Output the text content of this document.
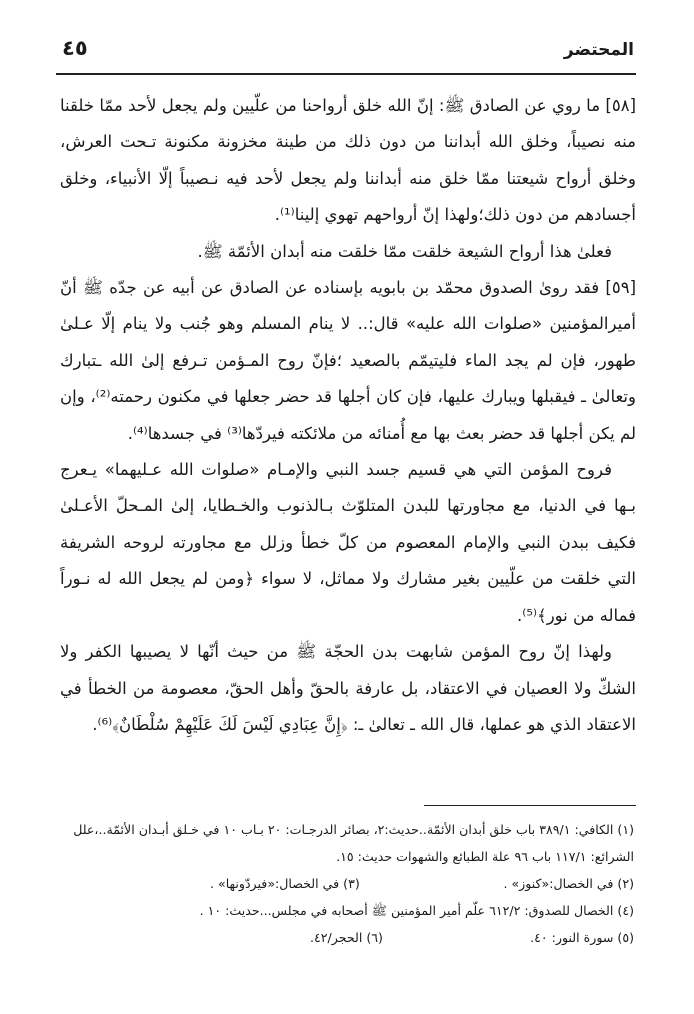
٤٥	المحتضر

[٥٨] ما روي عن الصادق ﷺ: إنّ الله خلق أرواحنا من علّيين ولم يجعل لأحد ممّا خلقنا منه نصيباً، وخلق الله أبداننا من دون ذلك من طينة مخزونة مكنونة تـحت العرش، وخلق أرواح شيعتنا ممّا خلق منه أبداننا ولم يجعل لأحد فيه نـصيباً إلّا الأنبياء، وخلق أجسادهم من دون ذلك؛ولهذا إنّ أرواحهم تهوي إلينا⁽¹⁾.

فعلىٰ هذا أرواح الشيعة خلقت ممّا خلقت منه أبدان الأئمّة ﷺ.

[٥٩] فقد روىٰ الصدوق محمّد بن بابويه بإسناده عن الصادق عن أبيه عن جدّه ﷺ أنّ أميرالمؤمنين «صلوات الله عليه» قال:.. لا ينام المسلم وهو جُنب ولا ينام إلّا عـلىٰ طهور، فإن لم يجد الماء فليتيمّم بالصعيد ؛فإنّ روح المـؤمن تـرفع إلىٰ الله ـتبارك وتعالىٰ ـ فيقبلها ويبارك عليها، فإن كان أجلها قد حضر جعلها في مكنون رحمته⁽²⁾، وإن لم يكن أجلها قد حضر بعث بها مع أُمنائه من ملائكته فيردّها⁽³⁾ في جسدها⁽⁴⁾.

فروح المؤمن التي هي قسيم جسد النبي والإمـام «صلوات الله عـليهما» يـعرج بـها في الدنيا، مع مجاورتها للبدن المتلوّث بـالذنوب والخـطايا، إلىٰ المـحلّ الأعـلىٰ فكيف ببدن النبي والإمام المعصوم من كلّ خطأ وزلل مع مجاورته لروحه الشريفة التي خلقت من علّيين بغير مشارك ولا مماثل، لا سواء ﴿ومن لم يجعل الله له نـوراً فماله من نور﴾⁽⁵⁾.

ولهذا إنّ روح المؤمن شابهت بدن الحجّة ﷺ من حيث أنّها لا يصيبها الكفر ولا الشكّ ولا العصيان في الاعتقاد، بل عارفة بالحقّ وأهل الحقّ، معصومة من الخطأ في الاعتقاد الذي هو عملها، قال الله ـ تعالىٰ ـ: ﴿إِنَّ عِبَادِي لَيْسَ لَكَ عَلَيْهِمْ سُلْطَانٌ﴾⁽⁶⁾.

(١) الكافي: ٣٨٩/١ باب خلق أبدان الأئمّة..حديث:٢، بصائر الدرجـات: ٢٠ بـاب ١٠ في خـلق أبـدان الأئمّة..،علل الشرائع: ١١٧/١ باب ٩٦ علة الطبائع والشهوات حديث: ١٥.

(٢) في الخصال:«كنوز» .
(٣) في الخصال:«فيردّونها» .

(٤) الخصال للصدوق: ٦١٢/٢ علّم أمير المؤمنين ﷺ أصحابه في مجلس...حديث: ١٠ .

(٥) سورة النور: ٤٠.
(٦) الحجر/٤٢.
